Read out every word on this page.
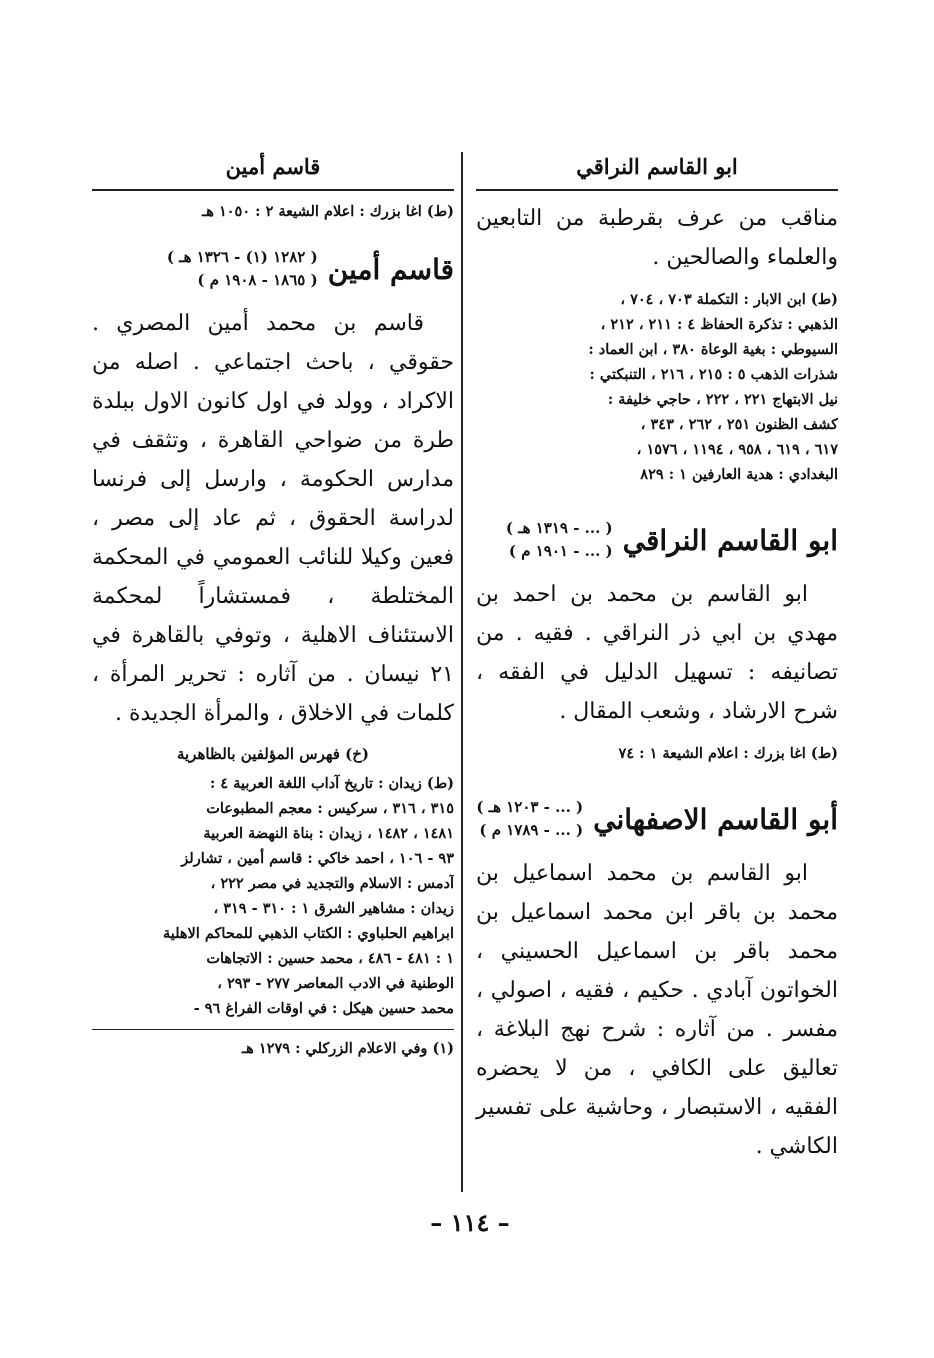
ابو القاسم النراقي

مناقب من عرف بقرطبة من التابعين والعلماء والصالحين .

(ط) ابن الابار : التكملة ٧٠٣ ، ٧٠٤ ،
الذهبي : تذكرة الحفاظ ٤ : ٢١١ ، ٢١٢ ،
السيوطي : بغية الوعاة ٣٨٠ ، ابن العماد :
شذرات الذهب ٥ : ٢١٥ ، ٢١٦ ، التنبكتي :
نيل الابتهاج ٢٢١ ، ٢٢٢ ، حاجي خليفة :
كشف الظنون ٢٥١ ، ٢٦٢ ، ٣٤٣ ،
٦١٧ ، ٦١٩ ، ٩٥٨ ، ١١٩٤ ، ١٥٧٦ ،
البغدادي : هدية العارفين ١ : ٨٢٩
ابو القاسم النراقي
( ... - ١٣١٩ هـ )
( ... - ١٩٠١ م )

ابو القاسم بن محمد بن احمد بن مهدي بن ابي ذر النراقي . فقيه . من تصانيفه : تسهيل الدليل في الفقه ، شرح الارشاد ، وشعب المقال .

(ط) اغا بزرك : اعلام الشيعة ١ : ٧٤
أبو القاسم الاصفهاني
( ... - ١٢٠٣ هـ )
( ... - ١٧٨٩ م )

ابو القاسم بن محمد اسماعيل بن محمد بن باقر ابن محمد اسماعيل بن محمد باقر بن اسماعيل الحسيني ، الخواتون آبادي . حكيم ، فقيه ، اصولي ، مفسر . من آثاره : شرح نهج البلاغة ، تعاليق على الكافي ، من لا يحضره الفقيه ، الاستبصار ، وحاشية على تفسير الكاشي .

قاسم أمين
(ط) اغا بزرك : اعلام الشيعة ٢ : ١٠٥٠ هـ
قاسم أمين
( ١٢٨٢ (١) - ١٣٢٦ هـ )
( ١٨٦٥ - ١٩٠٨ م )

قاسم بن محمد أمين المصري . حقوقي ، باحث اجتماعي . اصله من الاكراد ، وولد في اول كانون الاول ببلدة طرة من ضواحي القاهرة ، وتثقف في مدارس الحكومة ، وارسل إلى فرنسا لدراسة الحقوق ، ثم عاد إلى مصر ، فعين وكيلا للنائب العمومي في المحكمة المختلطة ، فمستشاراً لمحكمة الاستئناف الاهلية ، وتوفي بالقاهرة في ٢١ نيسان . من آثاره : تحرير المرأة ، كلمات في الاخلاق ، والمرأة الجديدة .

(خ) فهرس المؤلفين بالظاهرية
(ط) زيدان : تاريخ آداب اللغة العربية ٤ :
٣١٥ ، ٣١٦ ، سركيس : معجم المطبوعات
١٤٨١ ، ١٤٨٢ ، زيدان : بناة النهضة العربية
٩٣ - ١٠٦ ، احمد خاكي : قاسم أمين ، تشارلز
آدمس : الاسلام والتجديد في مصر ٢٢٢ ،
زيدان : مشاهير الشرق ١ : ٣١٠ - ٣١٩ ،
ابراهيم الحلباوي : الكتاب الذهبي للمحاكم الاهلية
١ : ٤٨١ - ٤٨٦ ، محمد حسين : الاتجاهات
الوطنية في الادب المعاصر ٢٧٧ - ٢٩٣ ،
محمد حسين هيكل : في اوقات الفراغ ٩٦ -
(١) وفي الاعلام الزركلي : ١٢٧٩ هـ
– ١١٤ –
